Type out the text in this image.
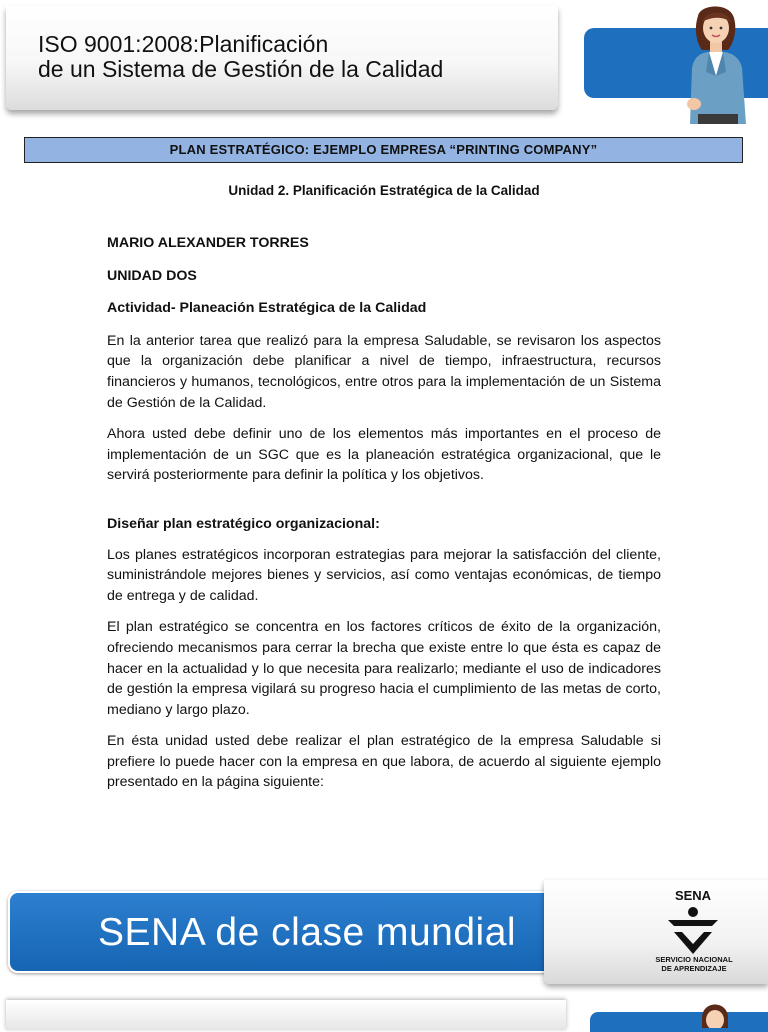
ISO 9001:2008:Planificación
de un Sistema de Gestión de la Calidad
PLAN ESTRATÉGICO: EJEMPLO EMPRESA “PRINTING COMPANY”
Unidad 2. Planificación Estratégica de la Calidad

MARIO ALEXANDER TORRES

UNIDAD DOS

Actividad- Planeación Estratégica de la Calidad

En la anterior tarea que realizó para la empresa Saludable, se revisaron los aspectos que la organización debe planificar a nivel de tiempo, infraestructura, recursos financieros y humanos, tecnológicos, entre otros para la implementación de un Sistema de Gestión de la Calidad.

Ahora usted debe definir uno de los elementos más importantes en el proceso de implementación de un SGC que es la planeación estratégica organizacional, que le servirá posteriormente para definir la política y los objetivos.

Diseñar plan estratégico organizacional:

Los planes estratégicos incorporan estrategias para mejorar la satisfacción del cliente, suministrándole mejores bienes y servicios, así como ventajas económicas, de tiempo de entrega y de calidad.

El plan estratégico se concentra en los factores críticos de éxito de la organización, ofreciendo mecanismos para cerrar la brecha que existe entre lo que ésta es capaz de hacer en la actualidad y lo que necesita para realizarlo; mediante el uso de indicadores de gestión la empresa vigilará su progreso hacia el cumplimiento de las metas de corto, mediano y largo plazo.

En ésta unidad usted debe realizar el plan estratégico de la empresa Saludable si prefiere lo puede hacer con la empresa en que labora, de acuerdo al siguiente ejemplo presentado en la página siguiente:

SENA de clase mundial
SENA
SERVICIO NACIONAL
DE APRENDIZAJE
